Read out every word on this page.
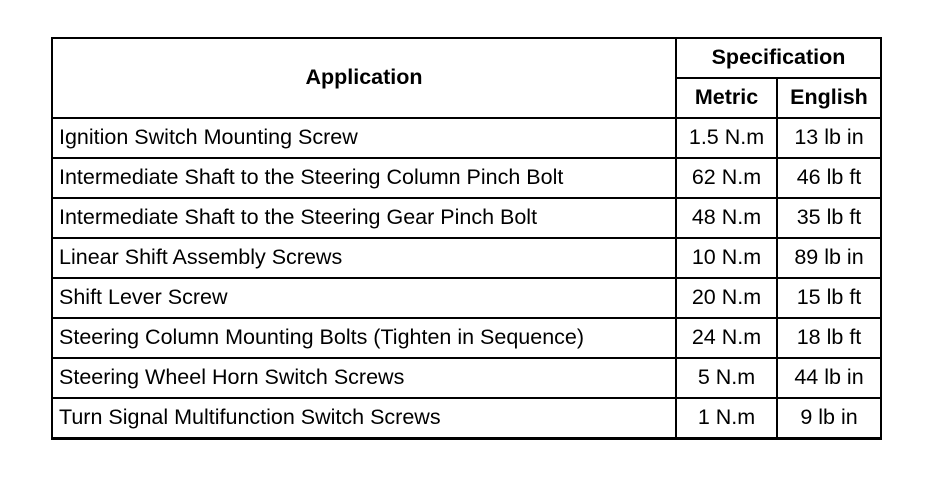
Application	Specification	
	Metric	English
Ignition Switch Mounting Screw	1.5 N.m	13 lb in
Intermediate Shaft to the Steering Column Pinch Bolt	62 N.m	46 lb ft
Intermediate Shaft to the Steering Gear Pinch Bolt	48 N.m	35 lb ft
Linear Shift Assembly Screws	10 N.m	89 lb in
Shift Lever Screw	20 N.m	15 lb ft
Steering Column Mounting Bolts (Tighten in Sequence)	24 N.m	18 lb ft
Steering Wheel Horn Switch Screws	5 N.m	44 lb in
Turn Signal Multifunction Switch Screws	1 N.m	9 lb in
